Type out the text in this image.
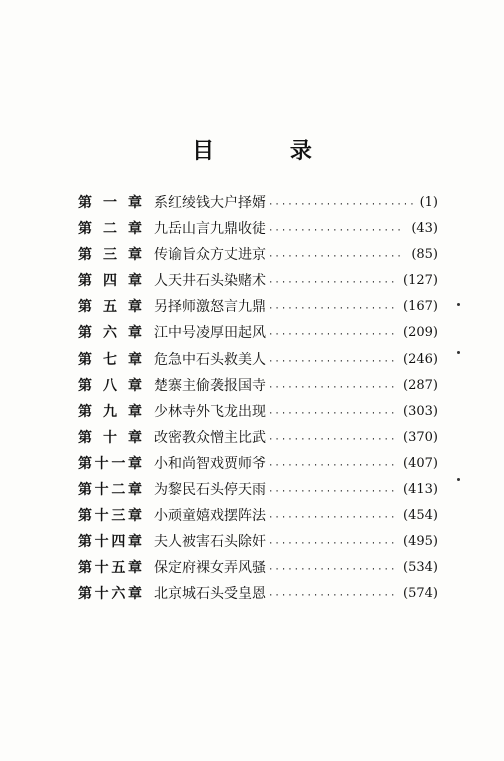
目 录
第 一 章 系红绫钱大户择婿 ······················· (1)
第 二 章 九岳山言九鼎收徒 ····················· (43)
第 三 章 传谕旨众方丈进京 ····················· (85)
第 四 章 人天井石头染赌术 ···················· (127)
第 五 章 另择师激怒言九鼎 ···················· (167)
第 六 章 江中号凌厚田起风 ···················· (209)
第 七 章 危急中石头救美人 ···················· (246)
第 八 章 楚寨主偷袭报国寺 ···················· (287)
第 九 章 少林寺外飞龙出现 ···················· (303)
第 十 章 改密教众憎主比武 ···················· (370)
第 十 一 章 小和尚智戏贾师爷 ···················· (407)
第 十 二 章 为黎民石头停天雨 ···················· (413)
第 十 三 章 小顽童嬉戏摆阵法 ···················· (454)
第 十 四 章 夫人被害石头除奸 ···················· (495)
第 十 五 章 保定府裸女弄风骚 ···················· (534)
第 十 六 章 北京城石头受皇恩 ···················· (574)
